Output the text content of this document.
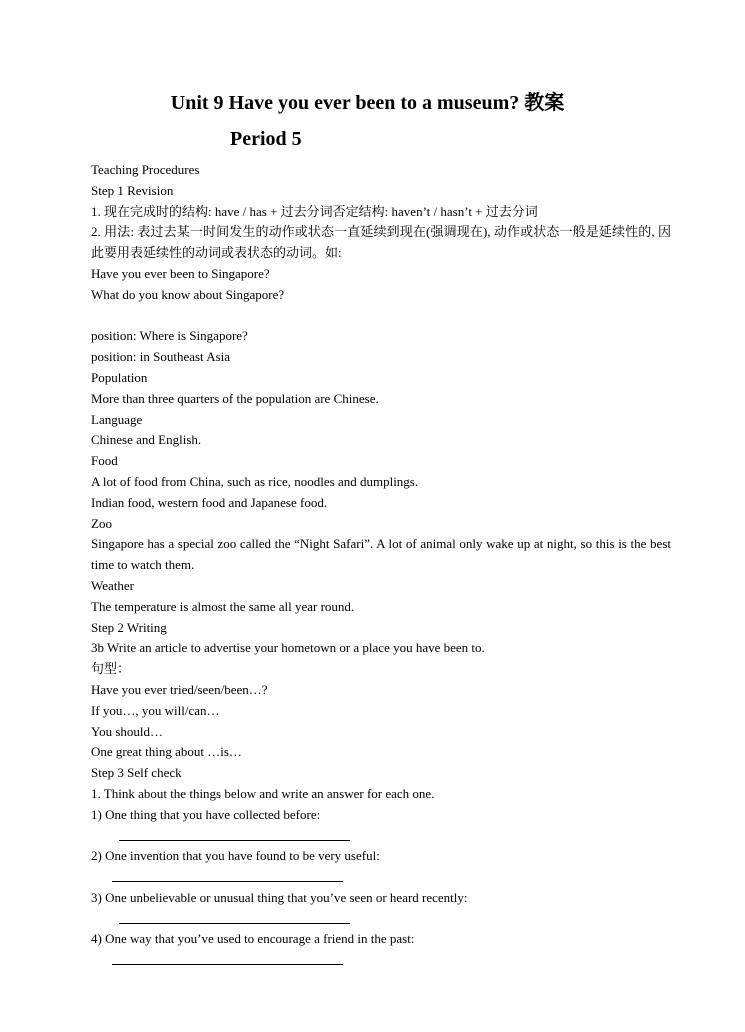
Unit 9 Have you ever been to a museum? 教案
Period 5
Teaching Procedures
Step 1 Revision
1. 现在完成时的结构: have / has + 过去分词否定结构: haven’t / hasn’t + 过去分词
2. 用法: 表过去某一时间发生的动作或状态一直延续到现在(强调现在), 动作或状态一般是延续性的, 因此要用表延续性的动词或表状态的动词。如:
Have you ever been to Singapore?
What do you know about Singapore?
position: Where is Singapore?
position: in Southeast Asia
Population
More than three quarters of the population are Chinese.
Language
Chinese and English.
Food
A lot of food from China, such as rice, noodles and dumplings.
Indian food, western food and Japanese food.
Zoo
Singapore has a special zoo called the “Night Safari”. A lot of animal only wake up at night, so this is the best time to watch them.
Weather
The temperature is almost the same all year round.
Step 2 Writing
3b Write an article to advertise your hometown or a place you have been to.
句型：
Have you ever tried/seen/been…?
If you…, you will/can…
You should…
One great thing about …is…
Step 3 Self check
1. Think about the things below and write an answer for each one.
1) One thing that you have collected before:
2) One invention that you have found to be very useful:
3) One unbelievable or unusual thing that you’ve seen or heard recently:
4) One way that you’ve used to encourage a friend in the past:
